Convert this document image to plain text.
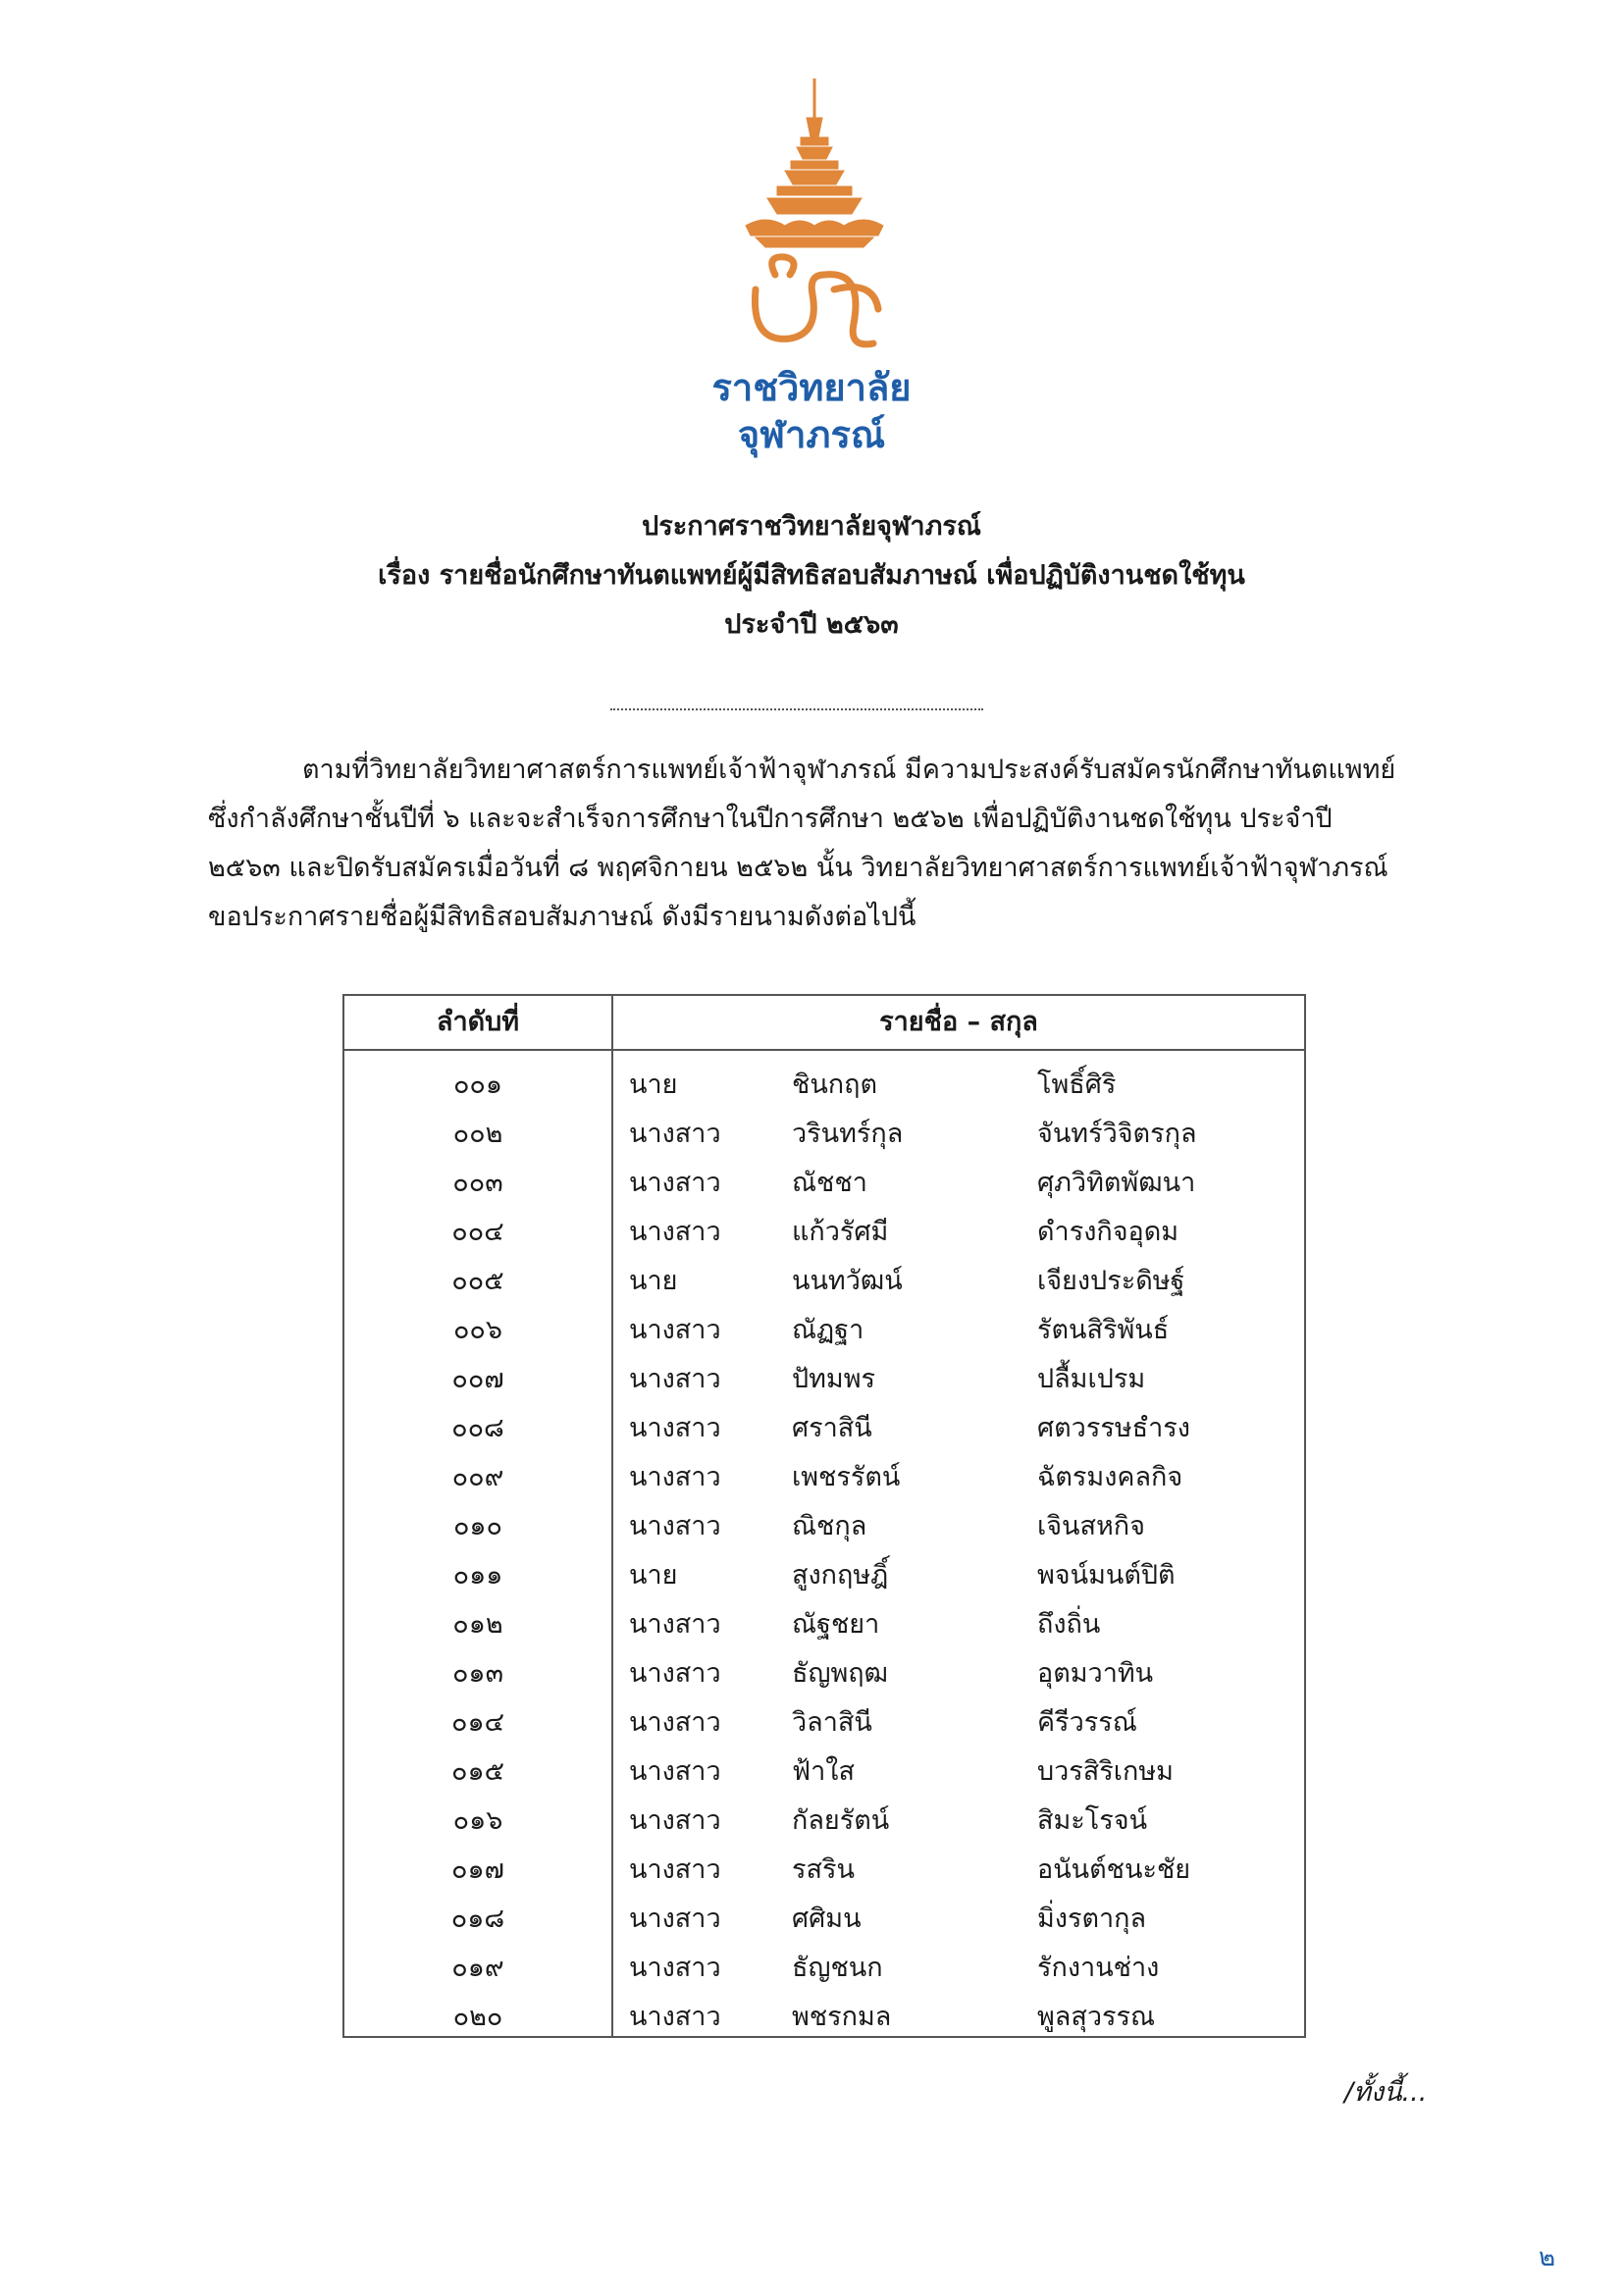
ราชวิทยาลัย
จุฬาภรณ์
ประกาศราชวิทยาลัยจุฬาภรณ์
เรื่อง รายชื่อนักศึกษาทันตแพทย์ผู้มีสิทธิสอบสัมภาษณ์ เพื่อปฏิบัติงานชดใช้ทุน
ประจำปี ๒๕๖๓
ตามที่วิทยาลัยวิทยาศาสตร์การแพทย์เจ้าฟ้าจุฬาภรณ์ มีความประสงค์รับสมัครนักศึกษาทันตแพทย์
ซึ่งกำลังศึกษาชั้นปีที่ ๖ และจะสำเร็จการศึกษาในปีการศึกษา ๒๕๖๒ เพื่อปฏิบัติงานชดใช้ทุน ประจำปี
๒๕๖๓ และปิดรับสมัครเมื่อวันที่ ๘ พฤศจิกายน ๒๕๖๒ นั้น วิทยาลัยวิทยาศาสตร์การแพทย์เจ้าฟ้าจุฬาภรณ์
ขอประกาศรายชื่อผู้มีสิทธิสอบสัมภาษณ์ ดังมีรายนามดังต่อไปนี้
ลำดับที่	รายชื่อ – สกุล
๐๐๑	นาย	ชินกฤต	โพธิ์ศิริ
๐๐๒	นางสาว	วรินทร์กุล	จันทร์วิจิตรกุล
๐๐๓	นางสาว	ณัชชา	ศุภวิทิตพัฒนา
๐๐๔	นางสาว	แก้วรัศมี	ดำรงกิจอุดม
๐๐๕	นาย	นนทวัฒน์	เจียงประดิษฐ์
๐๐๖	นางสาว	ณัฏฐา	รัตนสิริพันธ์
๐๐๗	นางสาว	ปัทมพร	ปลื้มเปรม
๐๐๘	นางสาว	ศราสินี	ศตวรรษธำรง
๐๐๙	นางสาว	เพชรรัตน์	ฉัตรมงคลกิจ
๐๑๐	นางสาว	ณิชกุล	เจินสหกิจ
๐๑๑	นาย	สูงกฤษฎิ์	พจน์มนต์ปิติ
๐๑๒	นางสาว	ณัฐชยา	ถึงถิ่น
๐๑๓	นางสาว	ธัญพฤฒ	อุตมวาทิน
๐๑๔	นางสาว	วิลาสินี	คีรีวรรณ์
๐๑๕	นางสาว	ฟ้าใส	บวรสิริเกษม
๐๑๖	นางสาว	กัลยรัตน์	สิมะโรจน์
๐๑๗	นางสาว	รสริน	อนันต์ชนะชัย
๐๑๘	นางสาว	ศศิมน	มิ่งรตากุล
๐๑๙	นางสาว	ธัญชนก	รักงานช่าง
๐๒๐	นางสาว	พชรกมล	พูลสุวรรณ
/ทั้งนี้...
๒
